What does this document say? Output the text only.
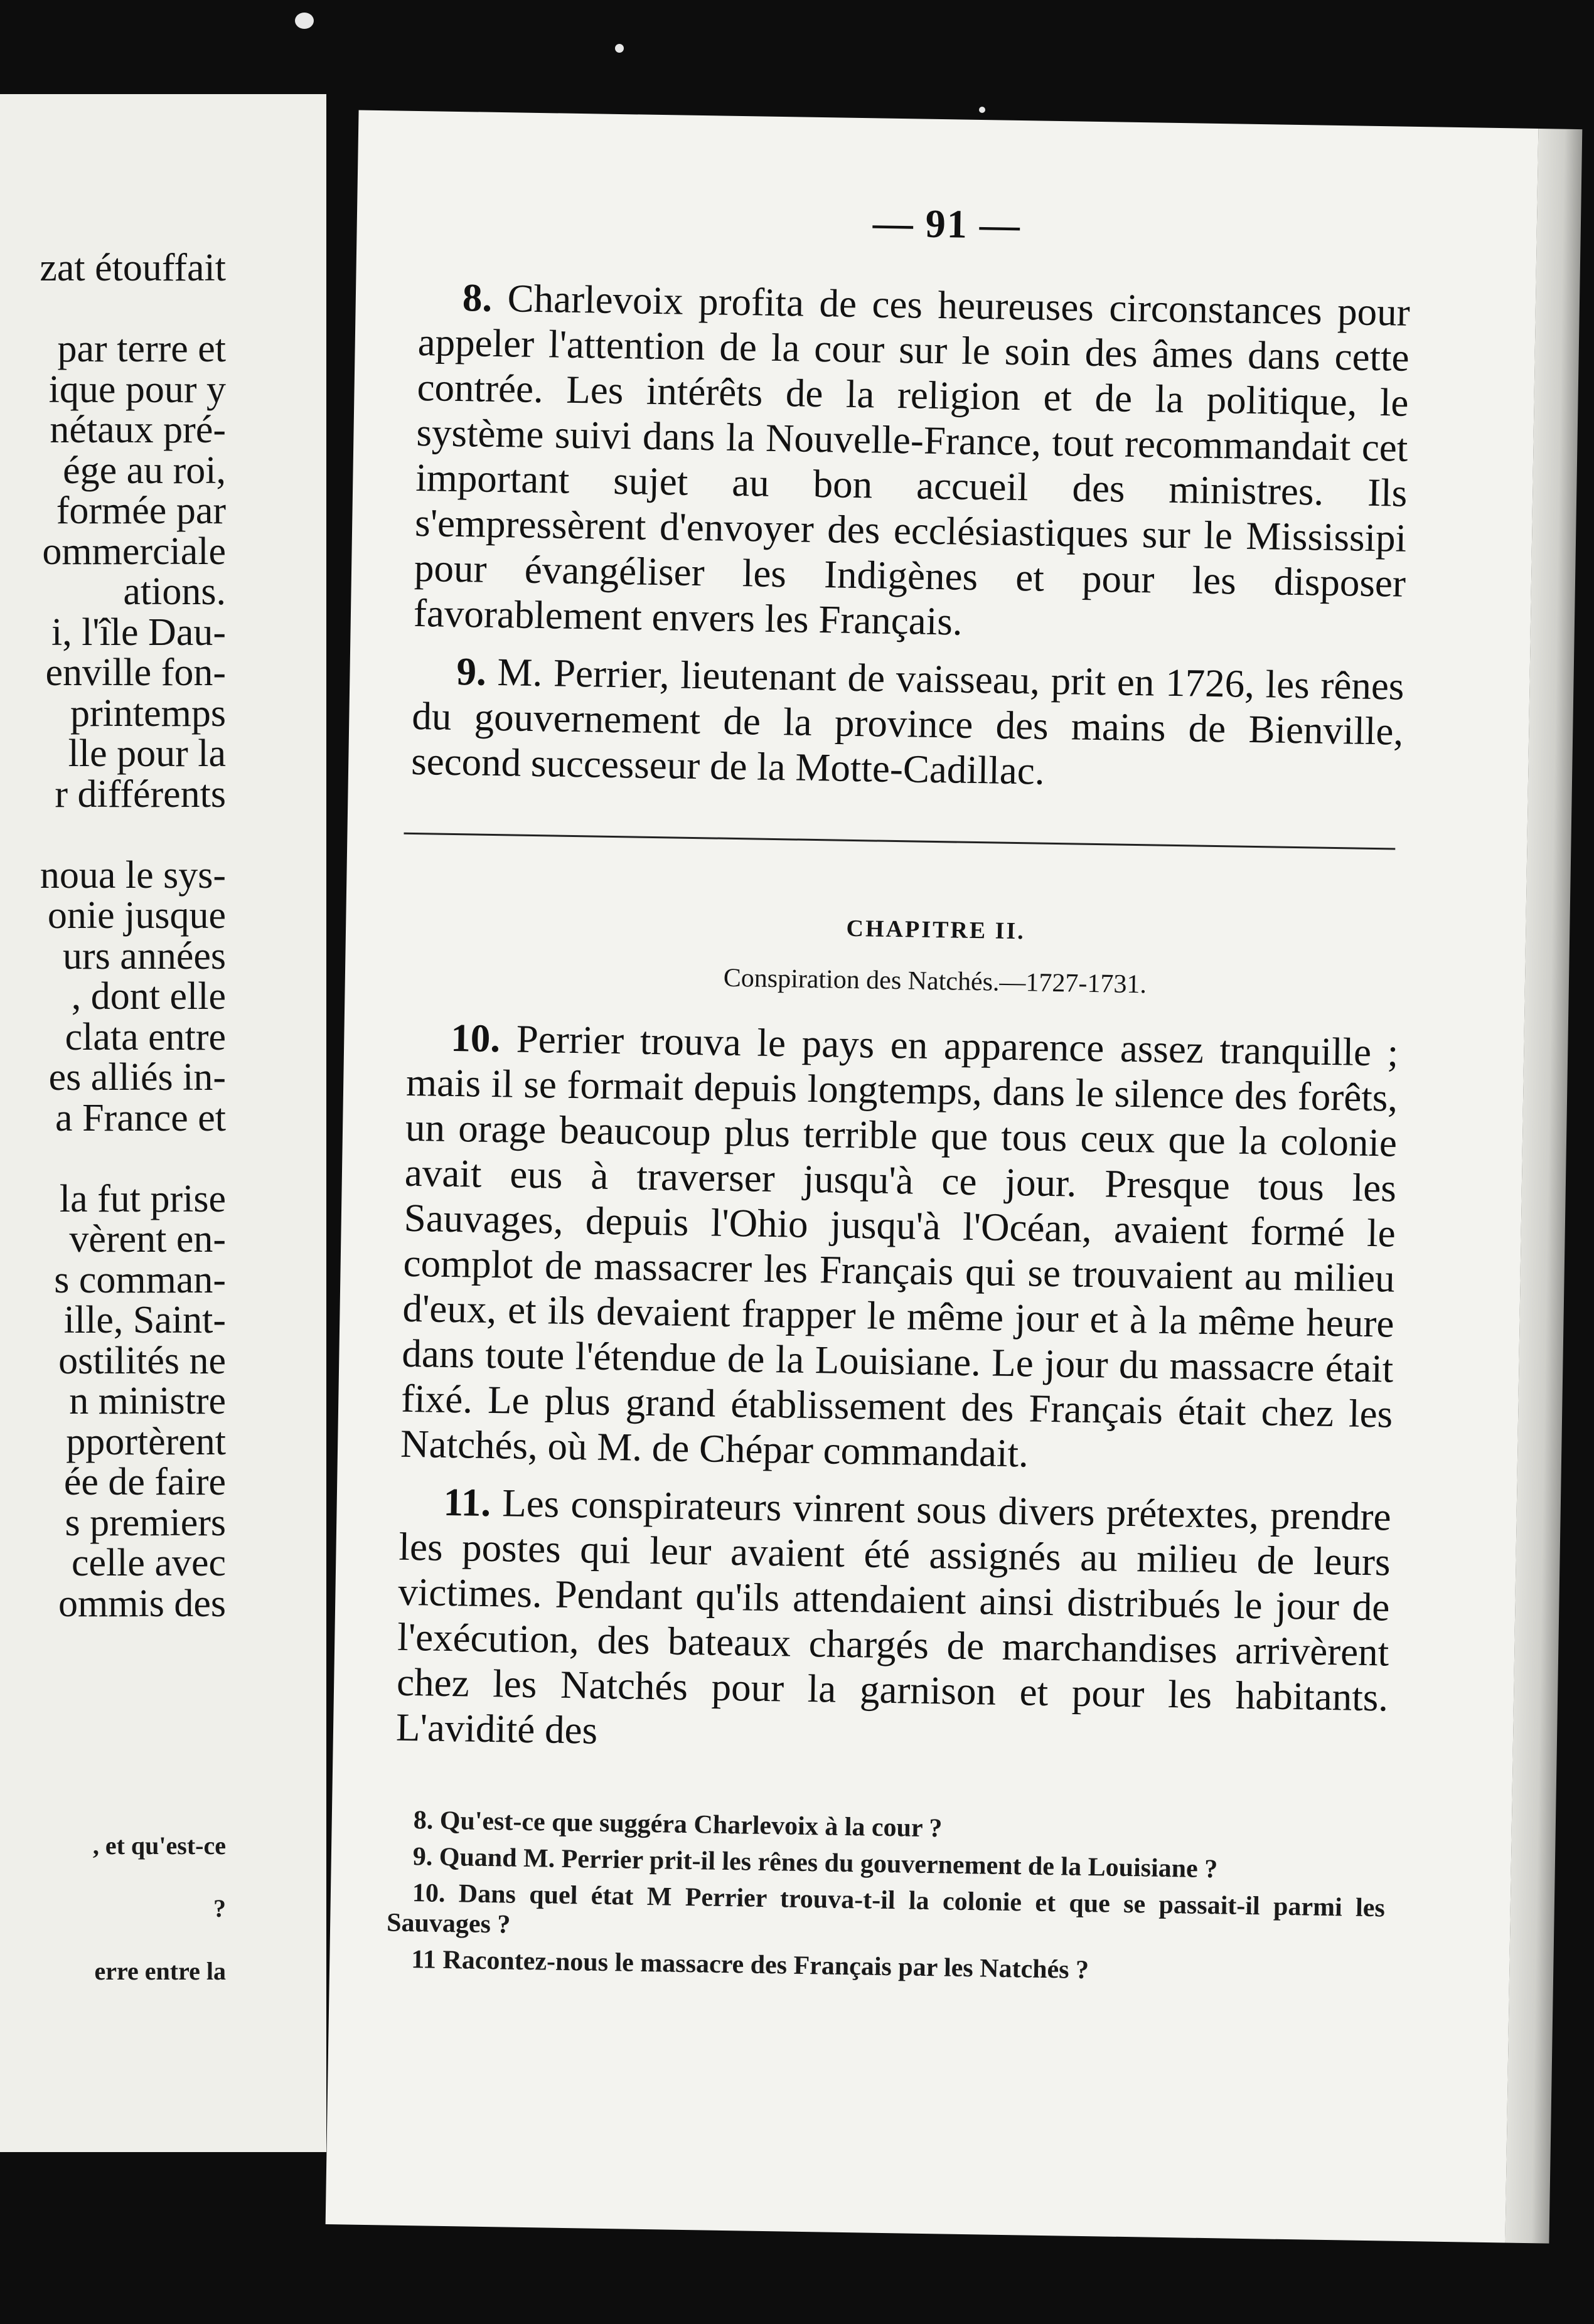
zat étouffait
par terre et
ique pour y
nétaux pré-
ége au roi,
formée par
ommerciale
ations.
i, l'île Dau-
enville fon-
printemps
lle pour la
r différents
noua le sys-
onie jusque
urs années
, dont elle
clata entre
es alliés in-
a France et
la fut prise
vèrent en-
s comman-
ille, Saint-
ostilités ne
n ministre
pportèrent
ée de faire
s premiers
celle avec
ommis des
, et qu'est-ce
?
erre entre la
— 91 —

8. Charlevoix profita de ces heureuses circonstances pour appeler l'attention de la cour sur le soin des âmes dans cette contrée. Les intérêts de la religion et de la politique, le système suivi dans la Nouvelle-France, tout recommandait cet important sujet au bon accueil des ministres. Ils s'empressèrent d'envoyer des ecclésiastiques sur le Mississipi pour évangéliser les Indigènes et pour les disposer favorablement envers les Français.

9. M. Perrier, lieutenant de vaisseau, prit en 1726, les rênes du gouvernement de la province des mains de Bienville, second successeur de la Motte-Cadillac.

CHAPITRE II.
Conspiration des Natchés.—1727-1731.

10. Perrier trouva le pays en apparence assez tranquille ; mais il se formait depuis longtemps, dans le silence des forêts, un orage beaucoup plus terrible que tous ceux que la colonie avait eus à traverser jusqu'à ce jour. Presque tous les Sauvages, depuis l'Ohio jusqu'à l'Océan, avaient formé le complot de massacrer les Français qui se trouvaient au milieu d'eux, et ils devaient frapper le même jour et à la même heure dans toute l'étendue de la Louisiane. Le jour du massacre était fixé. Le plus grand établissement des Français était chez les Natchés, où M. de Chépar commandait.

11. Les conspirateurs vinrent sous divers prétextes, prendre les postes qui leur avaient été assignés au milieu de leurs victimes. Pendant qu'ils attendaient ainsi distribués le jour de l'exécution, des bateaux chargés de marchandises arrivèrent chez les Natchés pour la garnison et pour les habitants. L'avidité des

8. Qu'est-ce que suggéra Charlevoix à la cour ?

9. Quand M. Perrier prit-il les rênes du gouvernement de la Louisiane ?

10. Dans quel état M Perrier trouva-t-il la colonie et que se passait-il parmi les Sauvages ?

11 Racontez-nous le massacre des Français par les Natchés ?
